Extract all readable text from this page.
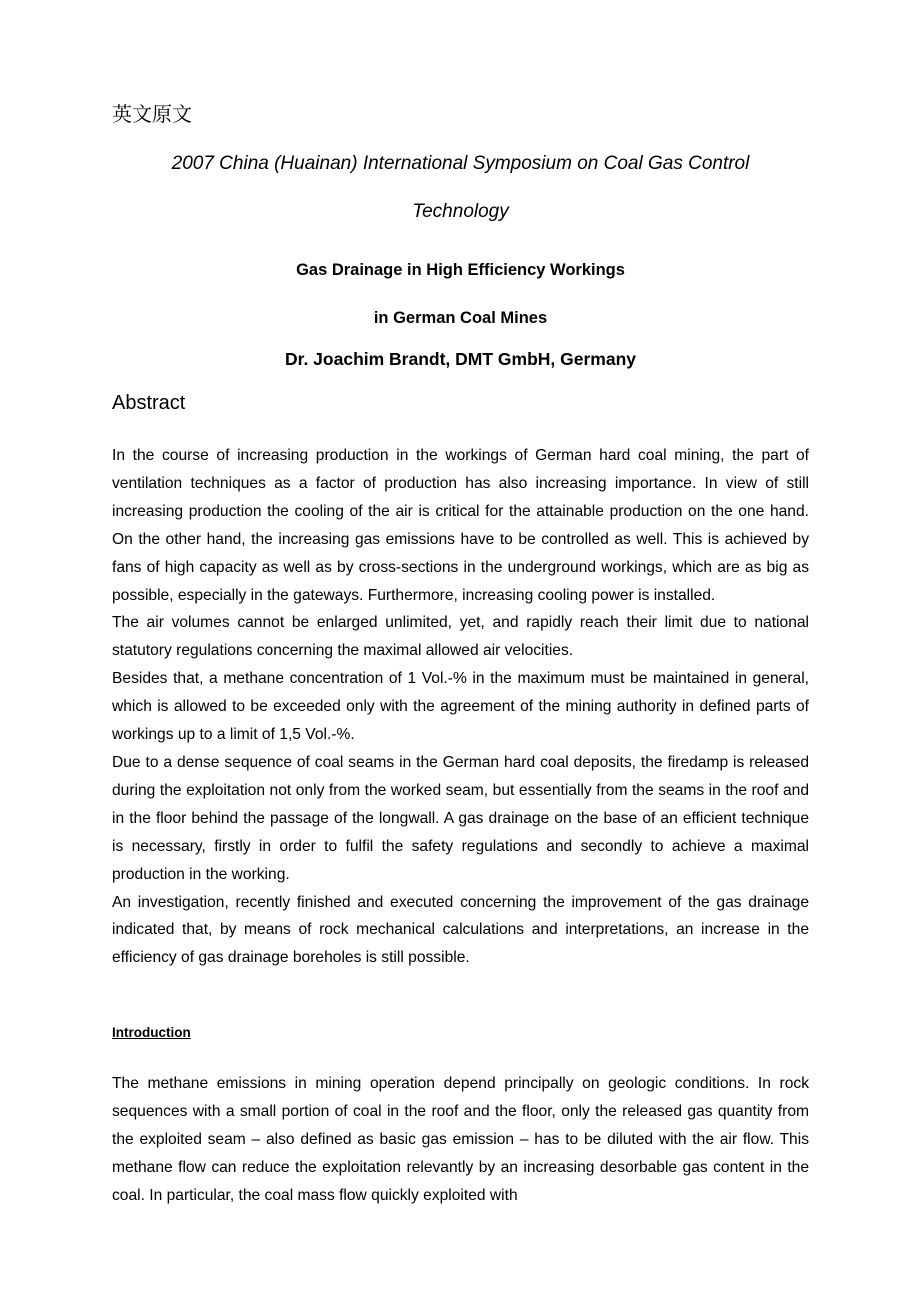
英文原文
2007 China (Huainan) International Symposium on Coal Gas Control
Technology
Gas Drainage in High Efficiency Workings
in German Coal Mines
Dr. Joachim Brandt, DMT GmbH, Germany
Abstract

In the course of increasing production in the workings of German hard coal mining, the part of ventilation techniques as a factor of production has also increasing importance. In view of still increasing production the cooling of the air is critical for the attainable production on the one hand. On the other hand, the increasing gas emissions have to be controlled as well. This is achieved by fans of high capacity as well as by cross-sections in the underground workings, which are as big as possible, especially in the gateways. Furthermore, increasing cooling power is installed.

The air volumes cannot be enlarged unlimited, yet, and rapidly reach their limit due to national statutory regulations concerning the maximal allowed air velocities.

Besides that, a methane concentration of 1 Vol.-% in the maximum must be maintained in general, which is allowed to be exceeded only with the agreement of the mining authority in defined parts of workings up to a limit of 1,5 Vol.-%.

Due to a dense sequence of coal seams in the German hard coal deposits, the firedamp is released during the exploitation not only from the worked seam, but essentially from the seams in the roof and in the floor behind the passage of the longwall. A gas drainage on the base of an efficient technique is necessary, firstly in order to fulfil the safety regulations and secondly to achieve a maximal production in the working.

An investigation, recently finished and executed concerning the improvement of the gas drainage indicated that, by means of rock mechanical calculations and interpretations, an increase in the efficiency of gas drainage boreholes is still possible.

Introduction

The methane emissions in mining operation depend principally on geologic conditions. In rock sequences with a small portion of coal in the roof and the floor, only the released gas quantity from the exploited seam – also defined as basic gas emission – has to be diluted with the air flow. This methane flow can reduce the exploitation relevantly by an increasing desorbable gas content in the coal. In particular, the coal mass flow quickly exploited with
